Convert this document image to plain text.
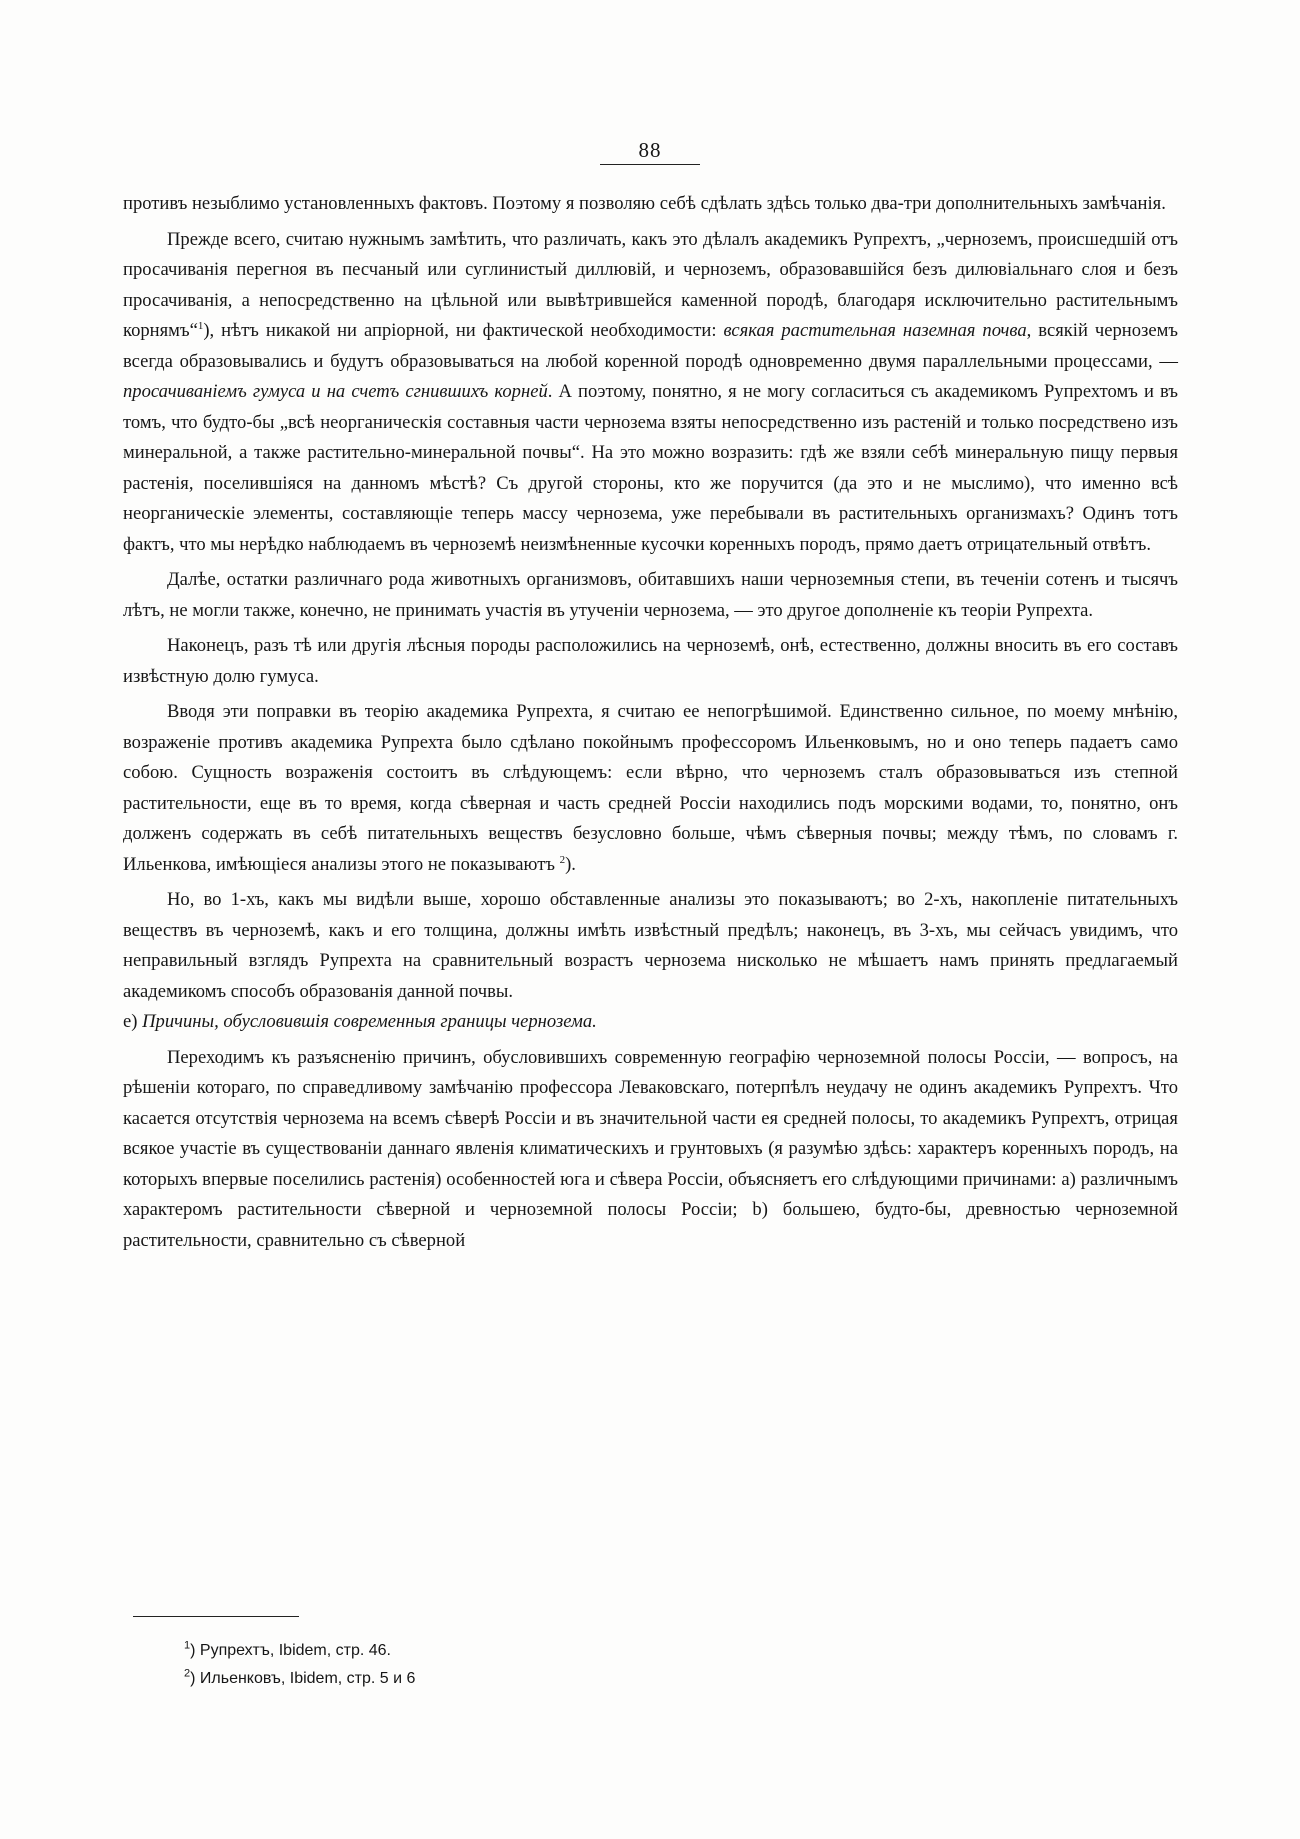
88

противъ незыблимо установленныхъ фактовъ. Поэтому я позволяю себѣ сдѣлать здѣсь только два-три дополнительныхъ замѣчанія.

Прежде всего, считаю нужнымъ замѣтить, что различать, какъ это дѣлалъ академикъ Рупрехтъ, „черноземъ, происшедшій отъ просачиванія перегноя въ песчаный или суглинистый диллювій, и черноземъ, образовавшійся безъ дилювіальнаго слоя и безъ просачиванія, а непосредственно на цѣльной или вывѣтрившейся каменной породѣ, благодаря исключительно растительнымъ корнямъ“$^1$), нѣтъ никакой ни апріорной, ни фактической необходимости: всякая растительная наземная почва, всякій черноземъ всегда образовывались и будутъ образовываться на любой коренной породѣ одновременно двумя параллельными процессами, — просачиваніемъ гумуса и на счетъ сгнившихъ корней. А поэтому, понятно, я не могу согласиться съ академикомъ Рупрехтомъ и въ томъ, что будто-бы „всѣ неорганическія составныя части чернозема взяты непосредственно изъ растеній и только посредствено изъ минеральной, а также растительно-минеральной почвы“. На это можно возразить: гдѣ же взяли себѣ минеральную пищу первыя растенія, поселившіяся на данномъ мѣстѣ? Съ другой стороны, кто же поручится (да это и не мыслимо), что именно всѣ неорганическіе элементы, составляющіе теперь массу чернозема, уже перебывали въ растительныхъ организмахъ? Одинъ тотъ фактъ, что мы нерѣдко наблюдаемъ въ черноземѣ неизмѣненные кусочки коренныхъ породъ, прямо даетъ отрицательный отвѣтъ.

Далѣе, остатки различнаго рода животныхъ организмовъ, обитавшихъ наши черноземныя степи, въ теченіи сотенъ и тысячъ лѣтъ, не могли также, конечно, не принимать участія въ утученіи чернозема, — это другое дополненіе къ теоріи Рупрехта.

Наконецъ, разъ тѣ или другія лѣсныя породы расположились на черноземѣ, онѣ, естественно, должны вносить въ его составъ извѣстную долю гумуса.

Вводя эти поправки въ теорію академика Рупрехта, я считаю ее непогрѣшимой. Единственно сильное, по моему мнѣнію, возраженіе противъ академика Рупрехта было сдѣлано покойнымъ профессоромъ Ильенковымъ, но и оно теперь падаетъ само собою. Сущность возраженія состоитъ въ слѣдующемъ: если вѣрно, что черноземъ сталъ образовываться изъ степной растительности, еще въ то время, когда сѣверная и часть средней Россіи находились подъ морскими водами, то, понятно, онъ долженъ содержать въ себѣ питательныхъ веществъ безусловно больше, чѣмъ сѣверныя почвы; между тѣмъ, по словамъ г. Ильенкова, имѣющіеся анализы этого не показываютъ $^2$).

Но, во 1-хъ, какъ мы видѣли выше, хорошо обставленные анализы это показываютъ; во 2-хъ, накопленіе питательныхъ веществъ въ черноземѣ, какъ и его толщина, должны имѣть извѣстный предѣлъ; наконецъ, въ 3-хъ, мы сейчасъ увидимъ, что неправильный взглядъ Рупрехта на сравнительный возрастъ чернозема нисколько не мѣшаетъ намъ принять предлагаемый академикомъ способъ образованія данной почвы.

е) Причины, обусловившія современныя границы чернозема.

Переходимъ къ разъясненію причинъ, обусловившихъ современную географію черноземной полосы Россіи, — вопросъ, на рѣшеніи котораго, по справедливому замѣчанію профессора Леваковскаго, потерпѣлъ неудачу не одинъ академикъ Рупрехтъ. Что касается отсутствія чернозема на всемъ сѣверѣ Россіи и въ значительной части ея средней полосы, то академикъ Рупрехтъ, отрицая всякое участіе въ существованіи даннаго явленія климатическихъ и грунтовыхъ (я разумѣю здѣсь: характеръ коренныхъ породъ, на которыхъ впервые поселились растенія) особенностей юга и сѣвера Россіи, объясняетъ его слѣдующими причинами: a) различнымъ характеромъ растительности сѣверной и черноземной полосы Россіи; b) большею, будто-бы, древностью черноземной растительности, сравнительно съ сѣверной

$^1$) Рупрехтъ, Ibidem, стр. 46.
$^2$) Ильенковъ, Ibidem, стр. 5 и 6
